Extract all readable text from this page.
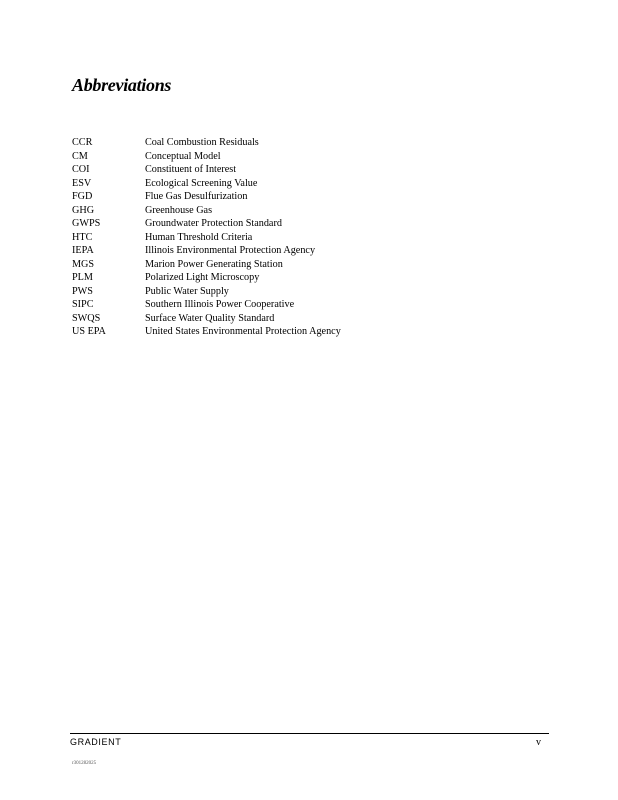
Abbreviations
CCR	Coal Combustion Residuals
CM	Conceptual Model
COI	Constituent of Interest
ESV	Ecological Screening Value
FGD	Flue Gas Desulfurization
GHG	Greenhouse Gas
GWPS	Groundwater Protection Standard
HTC	Human Threshold Criteria
IEPA	Illinois Environmental Protection Agency
MGS	Marion Power Generating Station
PLM	Polarized Light Microscopy
PWS	Public Water Supply
SIPC	Southern Illinois Power Cooperative
SWQS	Surface Water Quality Standard
US EPA	United States Environmental Protection Agency
GRADIENT	v
r301282025
